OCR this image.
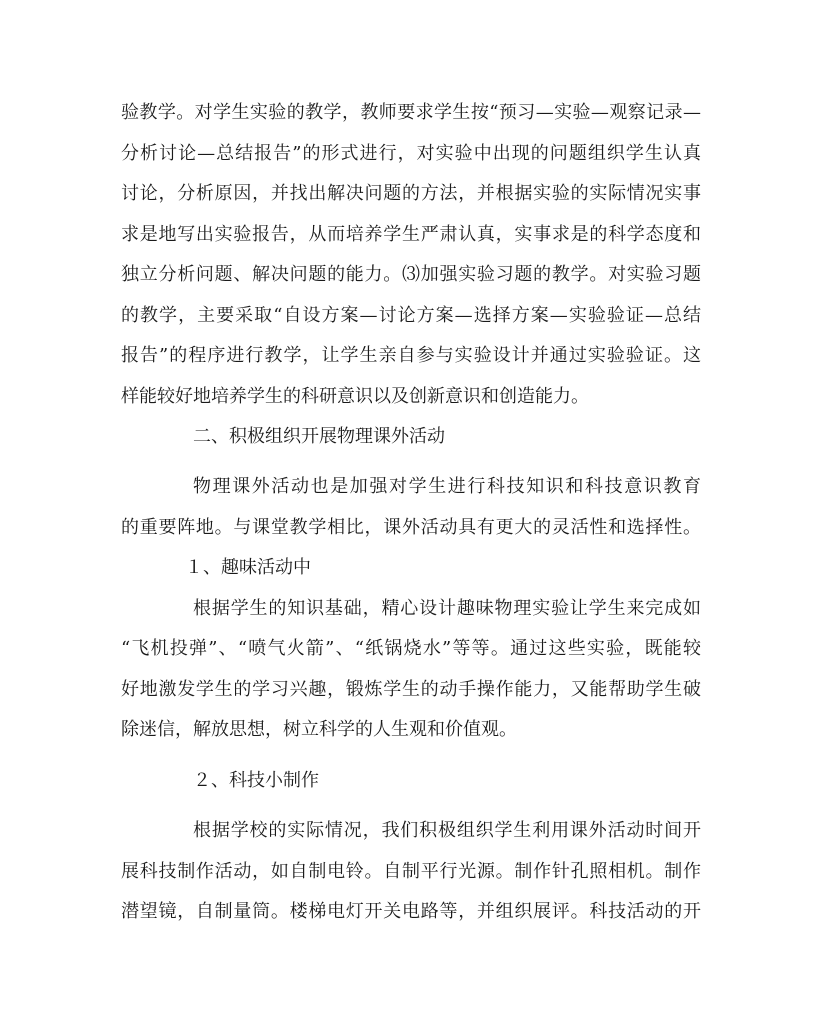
验教学。对学生实验的教学，教师要求学生按“预习—实验—观察记录—
分析讨论—总结报告”的形式进行，对实验中出现的问题组织学生认真
讨论，分析原因，并找出解决问题的方法，并根据实验的实际情况实事
求是地写出实验报告，从而培养学生严肃认真，实事求是的科学态度和
独立分析问题、解决问题的能力。⑶加强实验习题的教学。对实验习题
的教学，主要采取“自设方案—讨论方案—选择方案—实验验证—总结
报告”的程序进行教学，让学生亲自参与实验设计并通过实验验证。这
样能较好地培养学生的科研意识以及创新意识和创造能力。
二、积极组织开展物理课外活动
物理课外活动也是加强对学生进行科技知识和科技意识教育
的重要阵地。与课堂教学相比，课外活动具有更大的灵活性和选择性。
１、趣味活动中
根据学生的知识基础，精心设计趣味物理实验让学生来完成如
“飞机投弹”、“喷气火箭”、“纸锅烧水”等等。通过这些实验，既能较
好地激发学生的学习兴趣，锻炼学生的动手操作能力，又能帮助学生破
除迷信，解放思想，树立科学的人生观和价值观。
２、科技小制作
根据学校的实际情况，我们积极组织学生利用课外活动时间开
展科技制作活动，如自制电铃。自制平行光源。制作针孔照相机。制作
潜望镜，自制量筒。楼梯电灯开关电路等，并组织展评。科技活动的开
